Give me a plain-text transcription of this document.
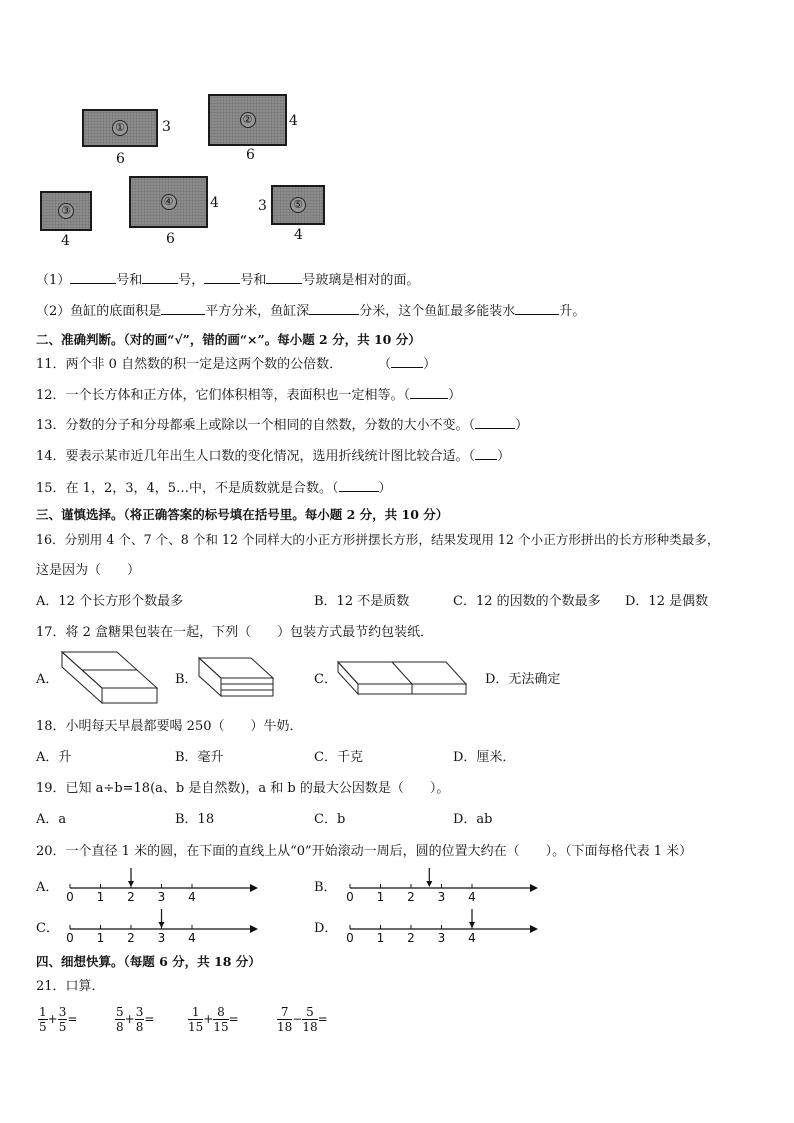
①	3
6
②	4
6
③
4
④	4
6
⑤
3
4
（1）	号和	号，	号和	号玻璃是相对的面。
（2）鱼缸的底面积是	平方分米，鱼缸深	分米，这个鱼缸最多能装水	升。
二、准确判断。（对的画“√”，错的画“×”。每小题 2 分，共 10 分）
11．两个非 0 自然数的积一定是这两个数的公倍数．	（ ）
12．一个长方体和正方体，它们体积相等，表面积也一定相等。（	）
13．分数的分子和分母都乘上或除以一个相同的自然数，分数的大小不变。（	）
14．要表示某市近几年出生人口数的变化情况，选用折线统计图比较合适。（ ）
15．在 1，2，3，4，5…中，不是质数就是合数。（	）
三、谨慎选择。（将正确答案的标号填在括号里。每小题 2 分，共 10 分）
16．分别用 4 个、7 个、8 个和 12 个同样大的小正方形拼摆长方形，结果发现用 12 个小正方形拼出的长方形种类最多，
这是因为（　　）
A．12 个长方形个数最多	B．12 不是质数	C．12 的因数的个数最多 D．12 是偶数
17．将 2 盒糖果包装在一起，下列（　　）包装方式最节约包装纸．
A．	B．	C．	D．无法确定
18．小明每天早晨都要喝 250（　　）牛奶．
A．升	B．毫升	C．千克	D．厘米．
19．已知 a÷b=18(a、b 是自然数)，a 和 b 的最大公因数是（　　）。
A．a	B．18	C．b	D．ab
20．一个直径 1 米的圆，在下面的直线上从“0”开始滚动一周后，圆的位置大约在（　　）。（下面每格代表 1 米）
A．	B．
C．	D．
0 1 2 3 4	0 1 2 3 4
0 1 2 3 4	0 1 2 3 4
四、细想快算。（每题 6 分，共 18 分）
21．口算．
$\frac{1}{5} + \frac{3}{5}$ =	$\frac{5}{8} + \frac{3}{8}$ =	$\frac{1}{15} + \frac{8}{15}$ =	$\frac{7}{18} - \frac{5}{18}$ =
